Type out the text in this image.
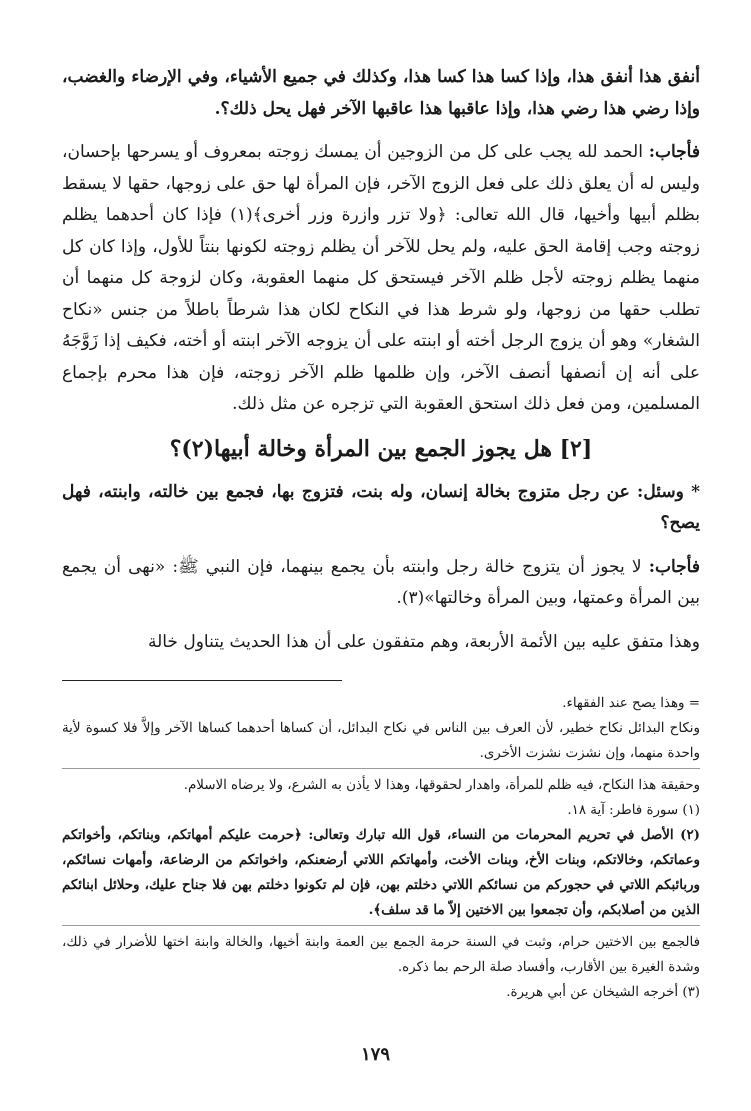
أنفق هذا أنفق هذا، وإذا كسا هذا كسا هذا، وكذلك في جميع الأشياء، وفي الإرضاء والغضب، وإذا رضي هذا رضي هذا، وإذا عاقبها هذا عاقبها الآخر فهل يحل ذلك؟.

فأجاب: الحمد لله يجب على كل من الزوجين أن يمسك زوجته بمعروف أو يسرحها بإحسان، وليس له أن يعلق ذلك على فعل الزوج الآخر، فإن المرأة لها حق على زوجها، حقها لا يسقط بظلم أبيها وأخيها، قال الله تعالى: ﴿ولا تزر وازرة وزر أخرى﴾(١) فإذا كان أحدهما يظلم زوجته وجب إقامة الحق عليه، ولم يحل للآخر أن يظلم زوجته لكونها بنتاً للأول، وإذا كان كل منهما يظلم زوجته لأجل ظلم الآخر فيستحق كل منهما العقوبة، وكان لزوجة كل منهما أن تطلب حقها من زوجها، ولو شرط هذا في النكاح لكان هذا شرطاً باطلاً من جنس «نكاح الشغار» وهو أن يزوج الرجل أخته أو ابنته على أن يزوجه الآخر ابنته أو أخته، فكيف إذا زَوَّجَهُ على أنه إن أنصفها أنصف الآخر، وإن ظلمها ظلم الآخر زوجته، فإن هذا محرم بإجماع المسلمين، ومن فعل ذلك استحق العقوبة التي تزجره عن مثل ذلك.

[٢] هل يجوز الجمع بين المرأة وخالة أبيها(٢)؟

* وسئل: عن رجل متزوج بخالة إنسان، وله بنت، فتزوج بها، فجمع بين خالته، وابنته، فهل يصح؟

فأجاب: لا يجوز أن يتزوج خالة رجل وابنته بأن يجمع بينهما، فإن النبي ﷺ: «نهى أن يجمع بين المرأة وعمتها، وبين المرأة وخالتها»(٣).

وهذا متفق عليه بين الأئمة الأربعة، وهم متفقون على أن هذا الحديث يتناول خالة

= وهذا يصح عند الفقهاء.

ونكاح البدائل نكاح خطير، لأن العرف بين الناس في نكاح البدائل، أن كساها أحدهما كساها الآخر وإلاَّ فلا كسوة لأية واحدة منهما، وإن نشزت نشزت الأخرى.

وحقيقة هذا النكاح، فيه ظلم للمرأة، واهدار لحقوقها، وهذا لا يأذن به الشرع، ولا يرضاه الاسلام.

(١) سورة فاطر: آية ١٨.

(٢) الأصل في تحريم المحرمات من النساء، قول الله تبارك وتعالى: ﴿حرمت عليكم أمهاتكم، وبناتكم، وأخواتكم وعماتكم، وخالاتكم، وبنات الأخ، وبنات الأخت، وأمهاتكم اللاتي أرضعنكم، واخواتكم من الرضاعة، وأمهات نسائكم، وربائبكم اللاتي في حجوركم من نسائكم اللاتي دخلتم بهن، فإن لم تكونوا دخلتم بهن فلا جناح عليك، وحلائل ابنائكم الذين من أصلابكم، وأن تجمعوا بين الاختين إلاّ ما قد سلف﴾.

فالجمع بين الاختين حرام، وثبت في السنة حرمة الجمع بين العمة وابنة أخيها، والخالة وابنة اختها للأضرار في ذلك، وشدة الغيرة بين الأقارب، وأفساد صلة الرحم بما ذكره.

(٣) أخرجه الشيخان عن أبي هريرة.

١٧٩
